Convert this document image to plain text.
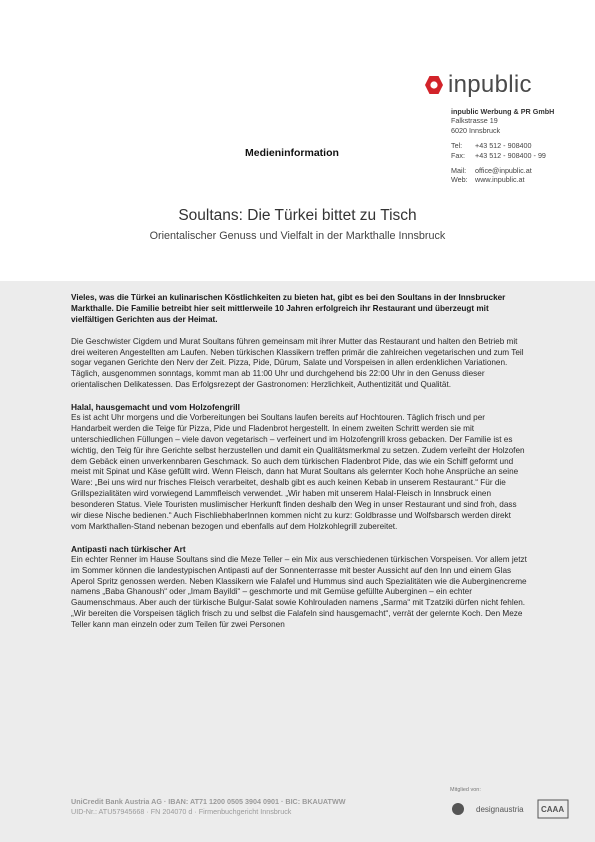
inpublic
inpublic Werbung & PR GmbH
Falkstrasse 19
6020 Innsbruck
Tel:	+43 512 - 908400
Fax:	+43 512 - 908400 - 99
Mail:	office@inpublic.at
Web:	www.inpublic.at
Medieninformation
Soultans: Die Türkei bittet zu Tisch
Orientalischer Genuss und Vielfalt in der Markthalle Innsbruck

Vieles, was die Türkei an kulinarischen Köstlichkeiten zu bieten hat, gibt es bei den Soultans in der Innsbrucker Markthalle. Die Familie betreibt hier seit mittlerweile 10 Jahren erfolgreich ihr Restaurant und überzeugt mit vielfältigen Gerichten aus der Heimat.

Die Geschwister Cigdem und Murat Soultans führen gemeinsam mit ihrer Mutter das Restaurant und halten den Betrieb mit drei weiteren Angestellten am Laufen. Neben türkischen Klassikern treffen primär die zahlreichen vegetarischen und zum Teil sogar veganen Gerichte den Nerv der Zeit. Pizza, Pide, Dürum, Salate und Vorspeisen in allen erdenklichen Variationen. Täglich, ausgenommen sonntags, kommt man ab 11:00 Uhr und durchgehend bis 22:00 Uhr in den Genuss dieser orientalischen Delikatessen. Das Erfolgsrezept der Gastronomen: Herzlichkeit, Authentizität und Qualität.

Halal, hausgemacht und vom Holzofengrill

Es ist acht Uhr morgens und die Vorbereitungen bei Soultans laufen bereits auf Hochtouren. Täglich frisch und per Handarbeit werden die Teige für Pizza, Pide und Fladenbrot hergestellt. In einem zweiten Schritt werden sie mit unterschiedlichen Füllungen – viele davon vegetarisch – verfeinert und im Holzofengrill kross gebacken. Der Familie ist es wichtig, den Teig für ihre Gerichte selbst herzustellen und damit ein Qualitätsmerkmal zu setzen. Zudem verleiht der Holzofen dem Gebäck einen unverkennbaren Geschmack. So auch dem türkischen Fladenbrot Pide, das wie ein Schiff geformt und meist mit Spinat und Käse gefüllt wird. Wenn Fleisch, dann hat Murat Soultans als gelernter Koch hohe Ansprüche an seine Ware: „Bei uns wird nur frisches Fleisch verarbeitet, deshalb gibt es auch keinen Kebab in unserem Restaurant.“ Für die Grillspezialitäten wird vorwiegend Lammfleisch verwendet. „Wir haben mit unserem Halal-Fleisch in Innsbruck einen besonderen Status. Viele Touristen muslimischer Herkunft finden deshalb den Weg in unser Restaurant und sind froh, dass wir diese Nische bedienen.“ Auch FischliebhaberInnen kommen nicht zu kurz: Goldbrasse und Wolfsbarsch werden direkt vom Markthallen-Stand nebenan bezogen und ebenfalls auf dem Holzkohlegrill zubereitet.

Antipasti nach türkischer Art

Ein echter Renner im Hause Soultans sind die Meze Teller – ein Mix aus verschiedenen türkischen Vorspeisen. Vor allem jetzt im Sommer können die landestypischen Antipasti auf der Sonnenterrasse mit bester Aussicht auf den Inn und einem Glas Aperol Spritz genossen werden. Neben Klassikern wie Falafel und Hummus sind auch Spezialitäten wie die Auberginencreme namens „Baba Ghanoush“ oder „Imam Bayildi“ – geschmorte und mit Gemüse gefüllte Auberginen – ein echter Gaumenschmaus. Aber auch der türkische Bulgur-Salat sowie Kohlrouladen namens „Sarma“ mit Tzatziki dürfen nicht fehlen. „Wir bereiten die Vorspeisen täglich frisch zu und selbst die Falafeln sind hausgemacht“, verrät der gelernte Koch. Den Meze Teller kann man einzeln oder zum Teilen für zwei Personen

UniCredit Bank Austria AG · IBAN: AT71 1200 0505 3904 0901 · BIC: BKAUATWW
UID-Nr.: ATU57945668 · FN 204070 d · Firmenbuchgericht Innsbruck
Mitglied von:
designaustria CAAA
